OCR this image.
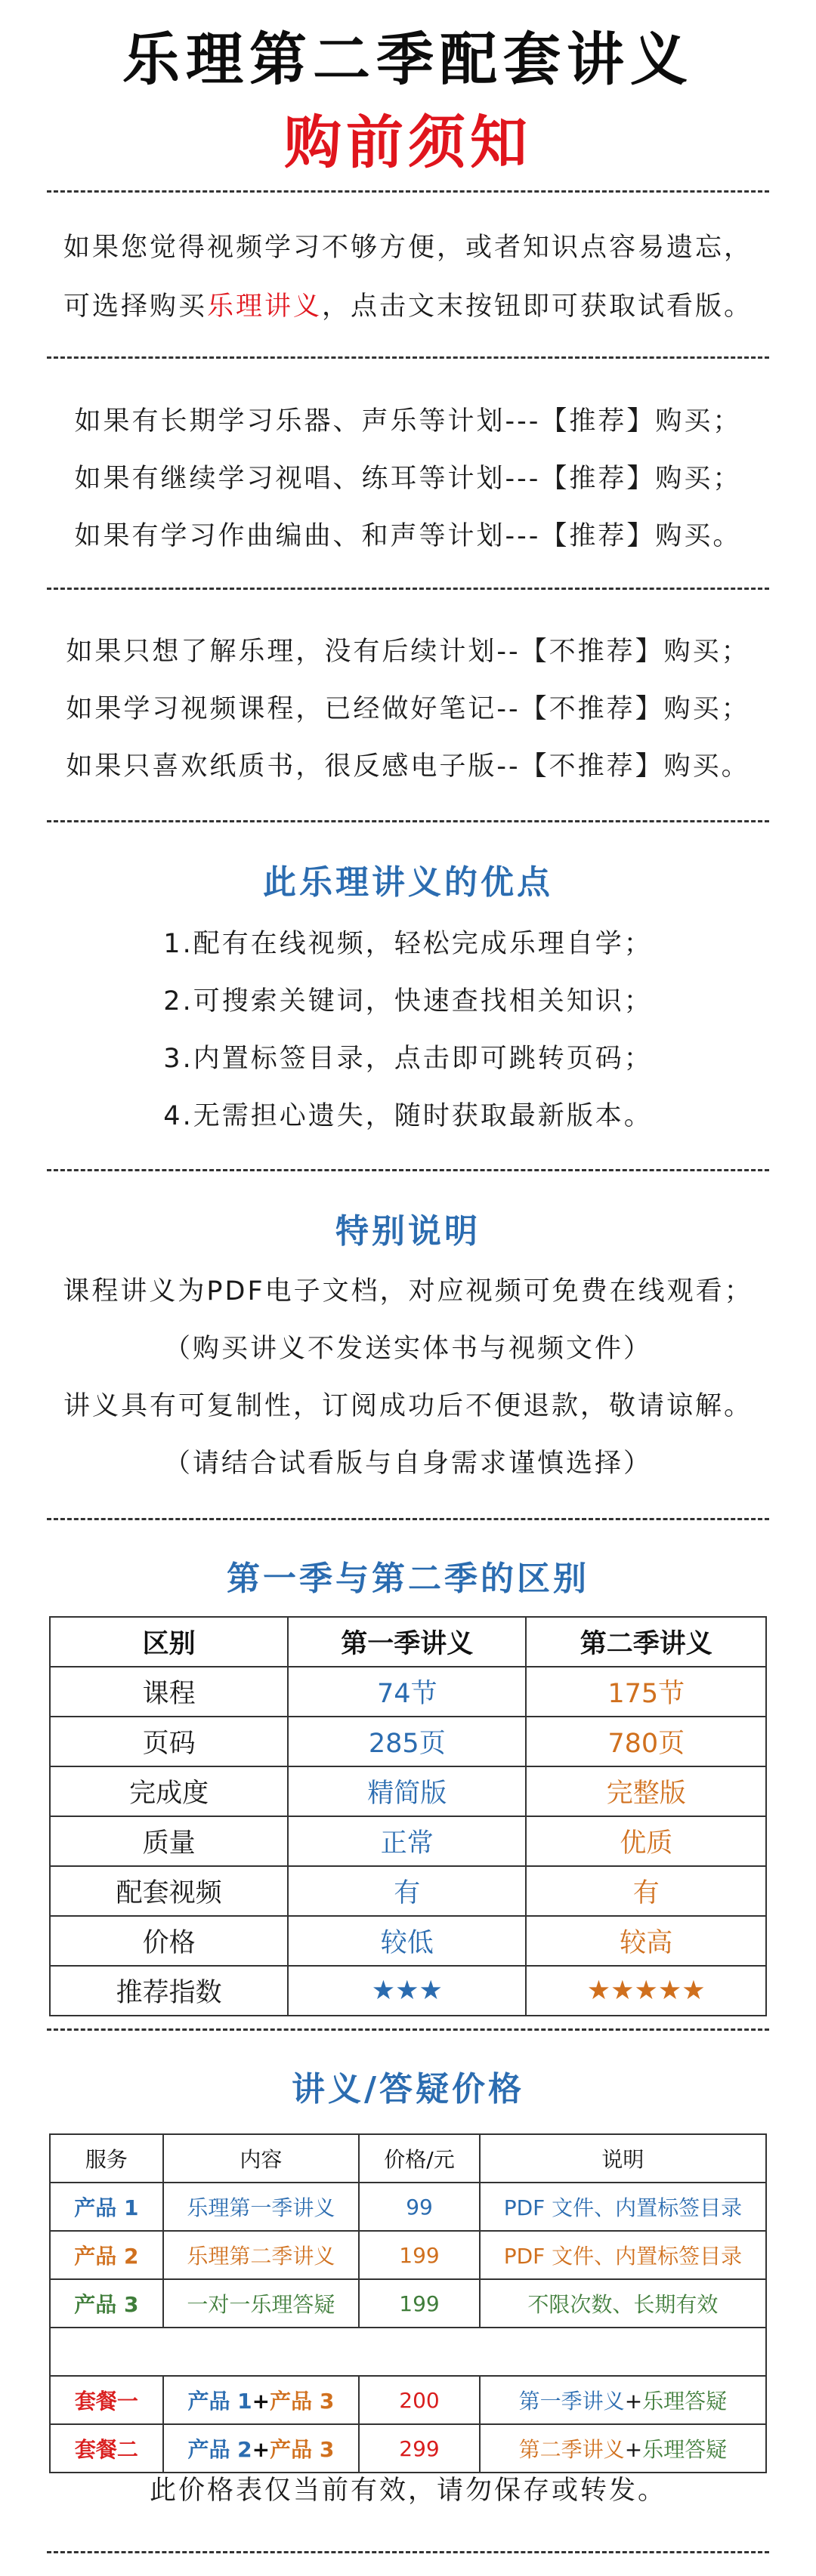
乐理第二季配套讲义
购前须知
如果您觉得视频学习不够方便，或者知识点容易遗忘，
可选择购买乐理讲义，点击文末按钮即可获取试看版。
如果有长期学习乐器、声乐等计划---【推荐】购买；
如果有继续学习视唱、练耳等计划---【推荐】购买；
如果有学习作曲编曲、和声等计划---【推荐】购买。
如果只想了解乐理，没有后续计划--【不推荐】购买；
如果学习视频课程，已经做好笔记--【不推荐】购买；
如果只喜欢纸质书，很反感电子版--【不推荐】购买。
此乐理讲义的优点
1.配有在线视频，轻松完成乐理自学；
2.可搜索关键词，快速查找相关知识；
3.内置标签目录，点击即可跳转页码；
4.无需担心遗失，随时获取最新版本。
特别说明
课程讲义为PDF电子文档，对应视频可免费在线观看；
（购买讲义不发送实体书与视频文件）
讲义具有可复制性，订阅成功后不便退款，敬请谅解。
（请结合试看版与自身需求谨慎选择）
第一季与第二季的区别
区别	第一季讲义	第二季讲义
课程	74节	175节
页码	285页	780页
完成度	精简版	完整版
质量	正常	优质
配套视频	有	有
价格	较低	较高
推荐指数	★★★	★★★★★
讲义/答疑价格
服务	内容	价格/元	说明
产品 1	乐理第一季讲义	99	PDF 文件、内置标签目录
产品 2	乐理第二季讲义	199	PDF 文件、内置标签目录
产品 3	一对一乐理答疑	199	不限次数、长期有效

套餐一	产品 1+产品 3	200	第一季讲义+乐理答疑
套餐二	产品 2+产品 3	299	第二季讲义+乐理答疑
此价格表仅当前有效，请勿保存或转发。
